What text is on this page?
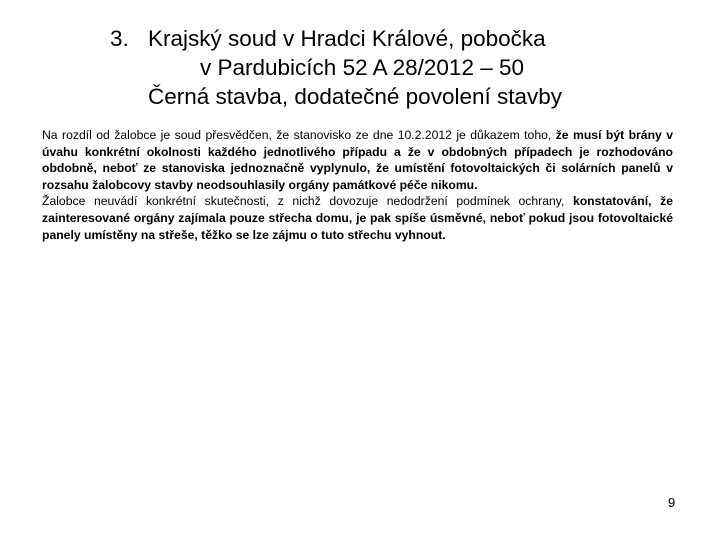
3. Krajský soud v Hradci Králové, pobočka
v Pardubicích 52 A 28/2012 – 50
Černá stavba, dodatečné povolení stavby

Na rozdíl od žalobce je soud přesvědčen, že stanovisko ze dne 10.2.2012 je důkazem toho, že musí být brány v úvahu konkrétní okolnosti každého jednotlivého případu a že v obdobných případech je rozhodováno obdobně, neboť ze stanoviska jednoznačně vyplynulo, že umístění fotovoltaických či solárních panelů v rozsahu žalobcovy stavby neodsouhlasily orgány památkové péče nikomu.

Žalobce neuvádí konkrétní skutečnosti, z nichž dovozuje nedodržení podmínek ochrany, konstatování, že zainteresované orgány zajímala pouze střecha domu, je pak spíše úsměvné, neboť pokud jsou fotovoltaické panely umístěny na střeše, těžko se lze zájmu o tuto střechu vyhnout.

9
